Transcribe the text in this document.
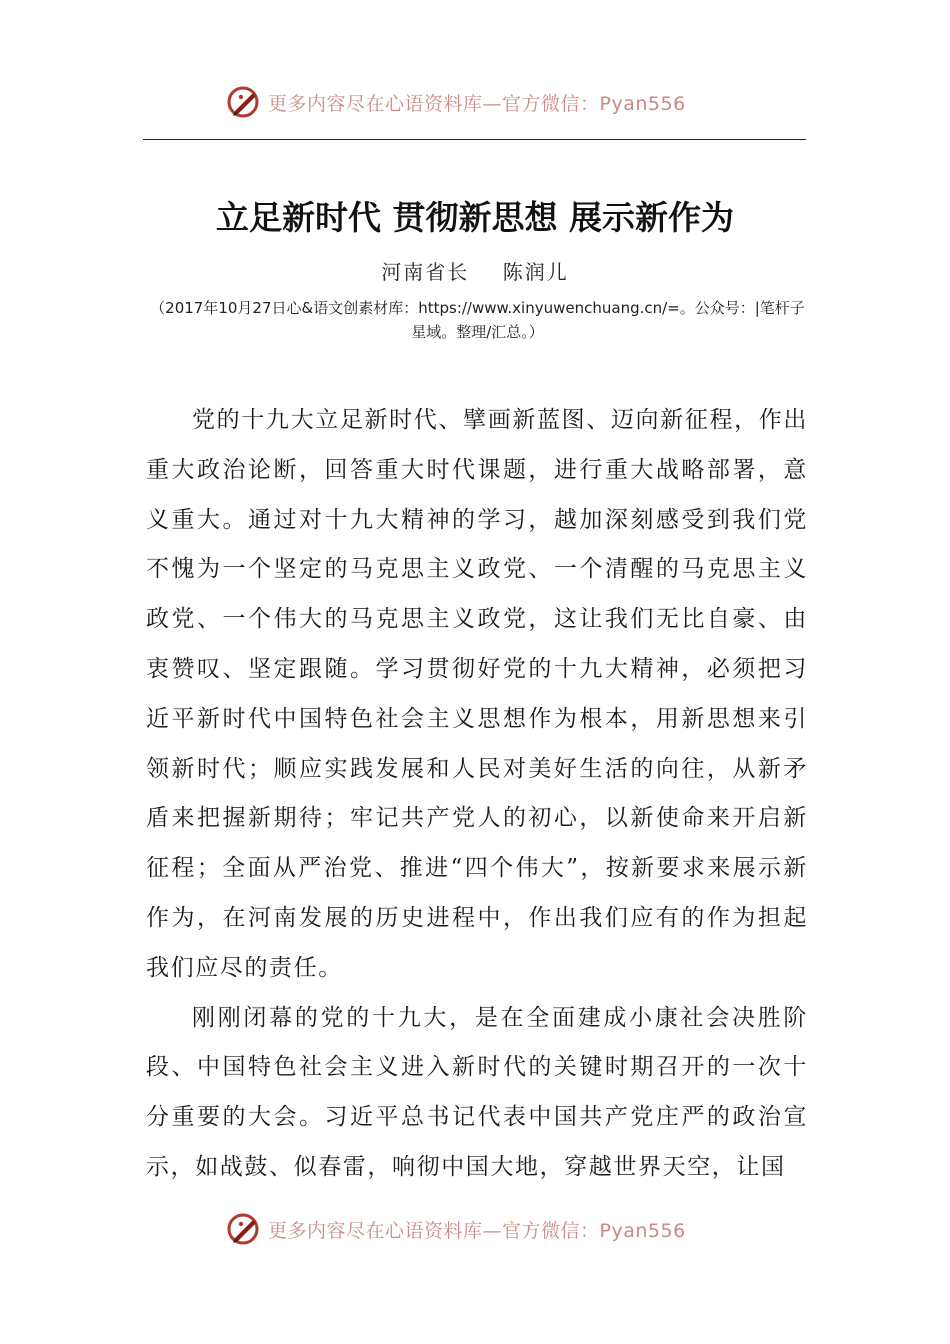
更多内容尽在心语资料库—官方微信：Pyan556
立足新时代 贯彻新思想 展示新作为
河南省长    陈润儿
（2017年10月27日心&语文创素材库：https://www.xinyuwenchuang.cn/=。公众号：|笔杆子星域。整理/汇总。）

党的十九大立足新时代、擘画新蓝图、迈向新征程，作出重大政治论断，回答重大时代课题，进行重大战略部署，意义重大。通过对十九大精神的学习，越加深刻感受到我们党不愧为一个坚定的马克思主义政党、一个清醒的马克思主义政党、一个伟大的马克思主义政党，这让我们无比自豪、由衷赞叹、坚定跟随。学习贯彻好党的十九大精神，必须把习近平新时代中国特色社会主义思想作为根本，用新思想来引领新时代；顺应实践发展和人民对美好生活的向往，从新矛盾来把握新期待；牢记共产党人的初心，以新使命来开启新征程；全面从严治党、推进“四个伟大”，按新要求来展示新作为，在河南发展的历史进程中，作出我们应有的作为担起我们应尽的责任。

刚刚闭幕的党的十九大，是在全面建成小康社会决胜阶段、中国特色社会主义进入新时代的关键时期召开的一次十分重要的大会。习近平总书记代表中国共产党庄严的政治宣示，如战鼓、似春雷，响彻中国大地，穿越世界天空，让国

更多内容尽在心语资料库—官方微信：Pyan556
